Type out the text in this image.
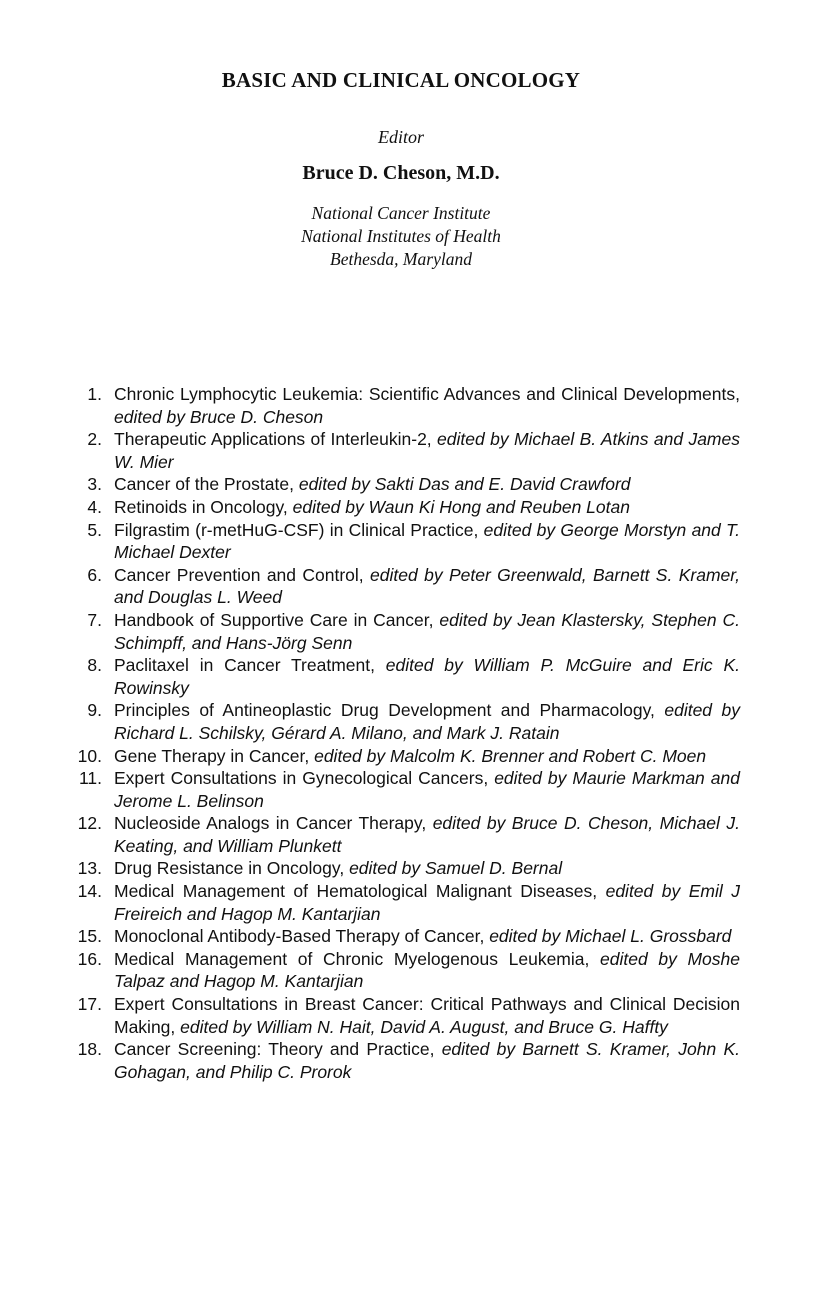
BASIC AND CLINICAL ONCOLOGY
Editor
Bruce D. Cheson, M.D.
National Cancer Institute
National Institutes of Health
Bethesda, Maryland
1. Chronic Lymphocytic Leukemia: Scientific Advances and Clinical Developments, edited by Bruce D. Cheson
2. Therapeutic Applications of Interleukin-2, edited by Michael B. Atkins and James W. Mier
3. Cancer of the Prostate, edited by Sakti Das and E. David Crawford
4. Retinoids in Oncology, edited by Waun Ki Hong and Reuben Lotan
5. Filgrastim (r-metHuG-CSF) in Clinical Practice, edited by George Morstyn and T. Michael Dexter
6. Cancer Prevention and Control, edited by Peter Greenwald, Barnett S. Kramer, and Douglas L. Weed
7. Handbook of Supportive Care in Cancer, edited by Jean Klastersky, Stephen C. Schimpff, and Hans-Jörg Senn
8. Paclitaxel in Cancer Treatment, edited by William P. McGuire and Eric K. Rowinsky
9. Principles of Antineoplastic Drug Development and Pharmacology, edited by Richard L. Schilsky, Gérard A. Milano, and Mark J. Ratain
10. Gene Therapy in Cancer, edited by Malcolm K. Brenner and Robert C. Moen
11. Expert Consultations in Gynecological Cancers, edited by Maurie Markman and Jerome L. Belinson
12. Nucleoside Analogs in Cancer Therapy, edited by Bruce D. Cheson, Michael J. Keating, and William Plunkett
13. Drug Resistance in Oncology, edited by Samuel D. Bernal
14. Medical Management of Hematological Malignant Diseases, edited by Emil J Freireich and Hagop M. Kantarjian
15. Monoclonal Antibody-Based Therapy of Cancer, edited by Michael L. Grossbard
16. Medical Management of Chronic Myelogenous Leukemia, edited by Moshe Talpaz and Hagop M. Kantarjian
17. Expert Consultations in Breast Cancer: Critical Pathways and Clinical Decision Making, edited by William N. Hait, David A. August, and Bruce G. Haffty
18. Cancer Screening: Theory and Practice, edited by Barnett S. Kramer, John K. Gohagan, and Philip C. Prorok
